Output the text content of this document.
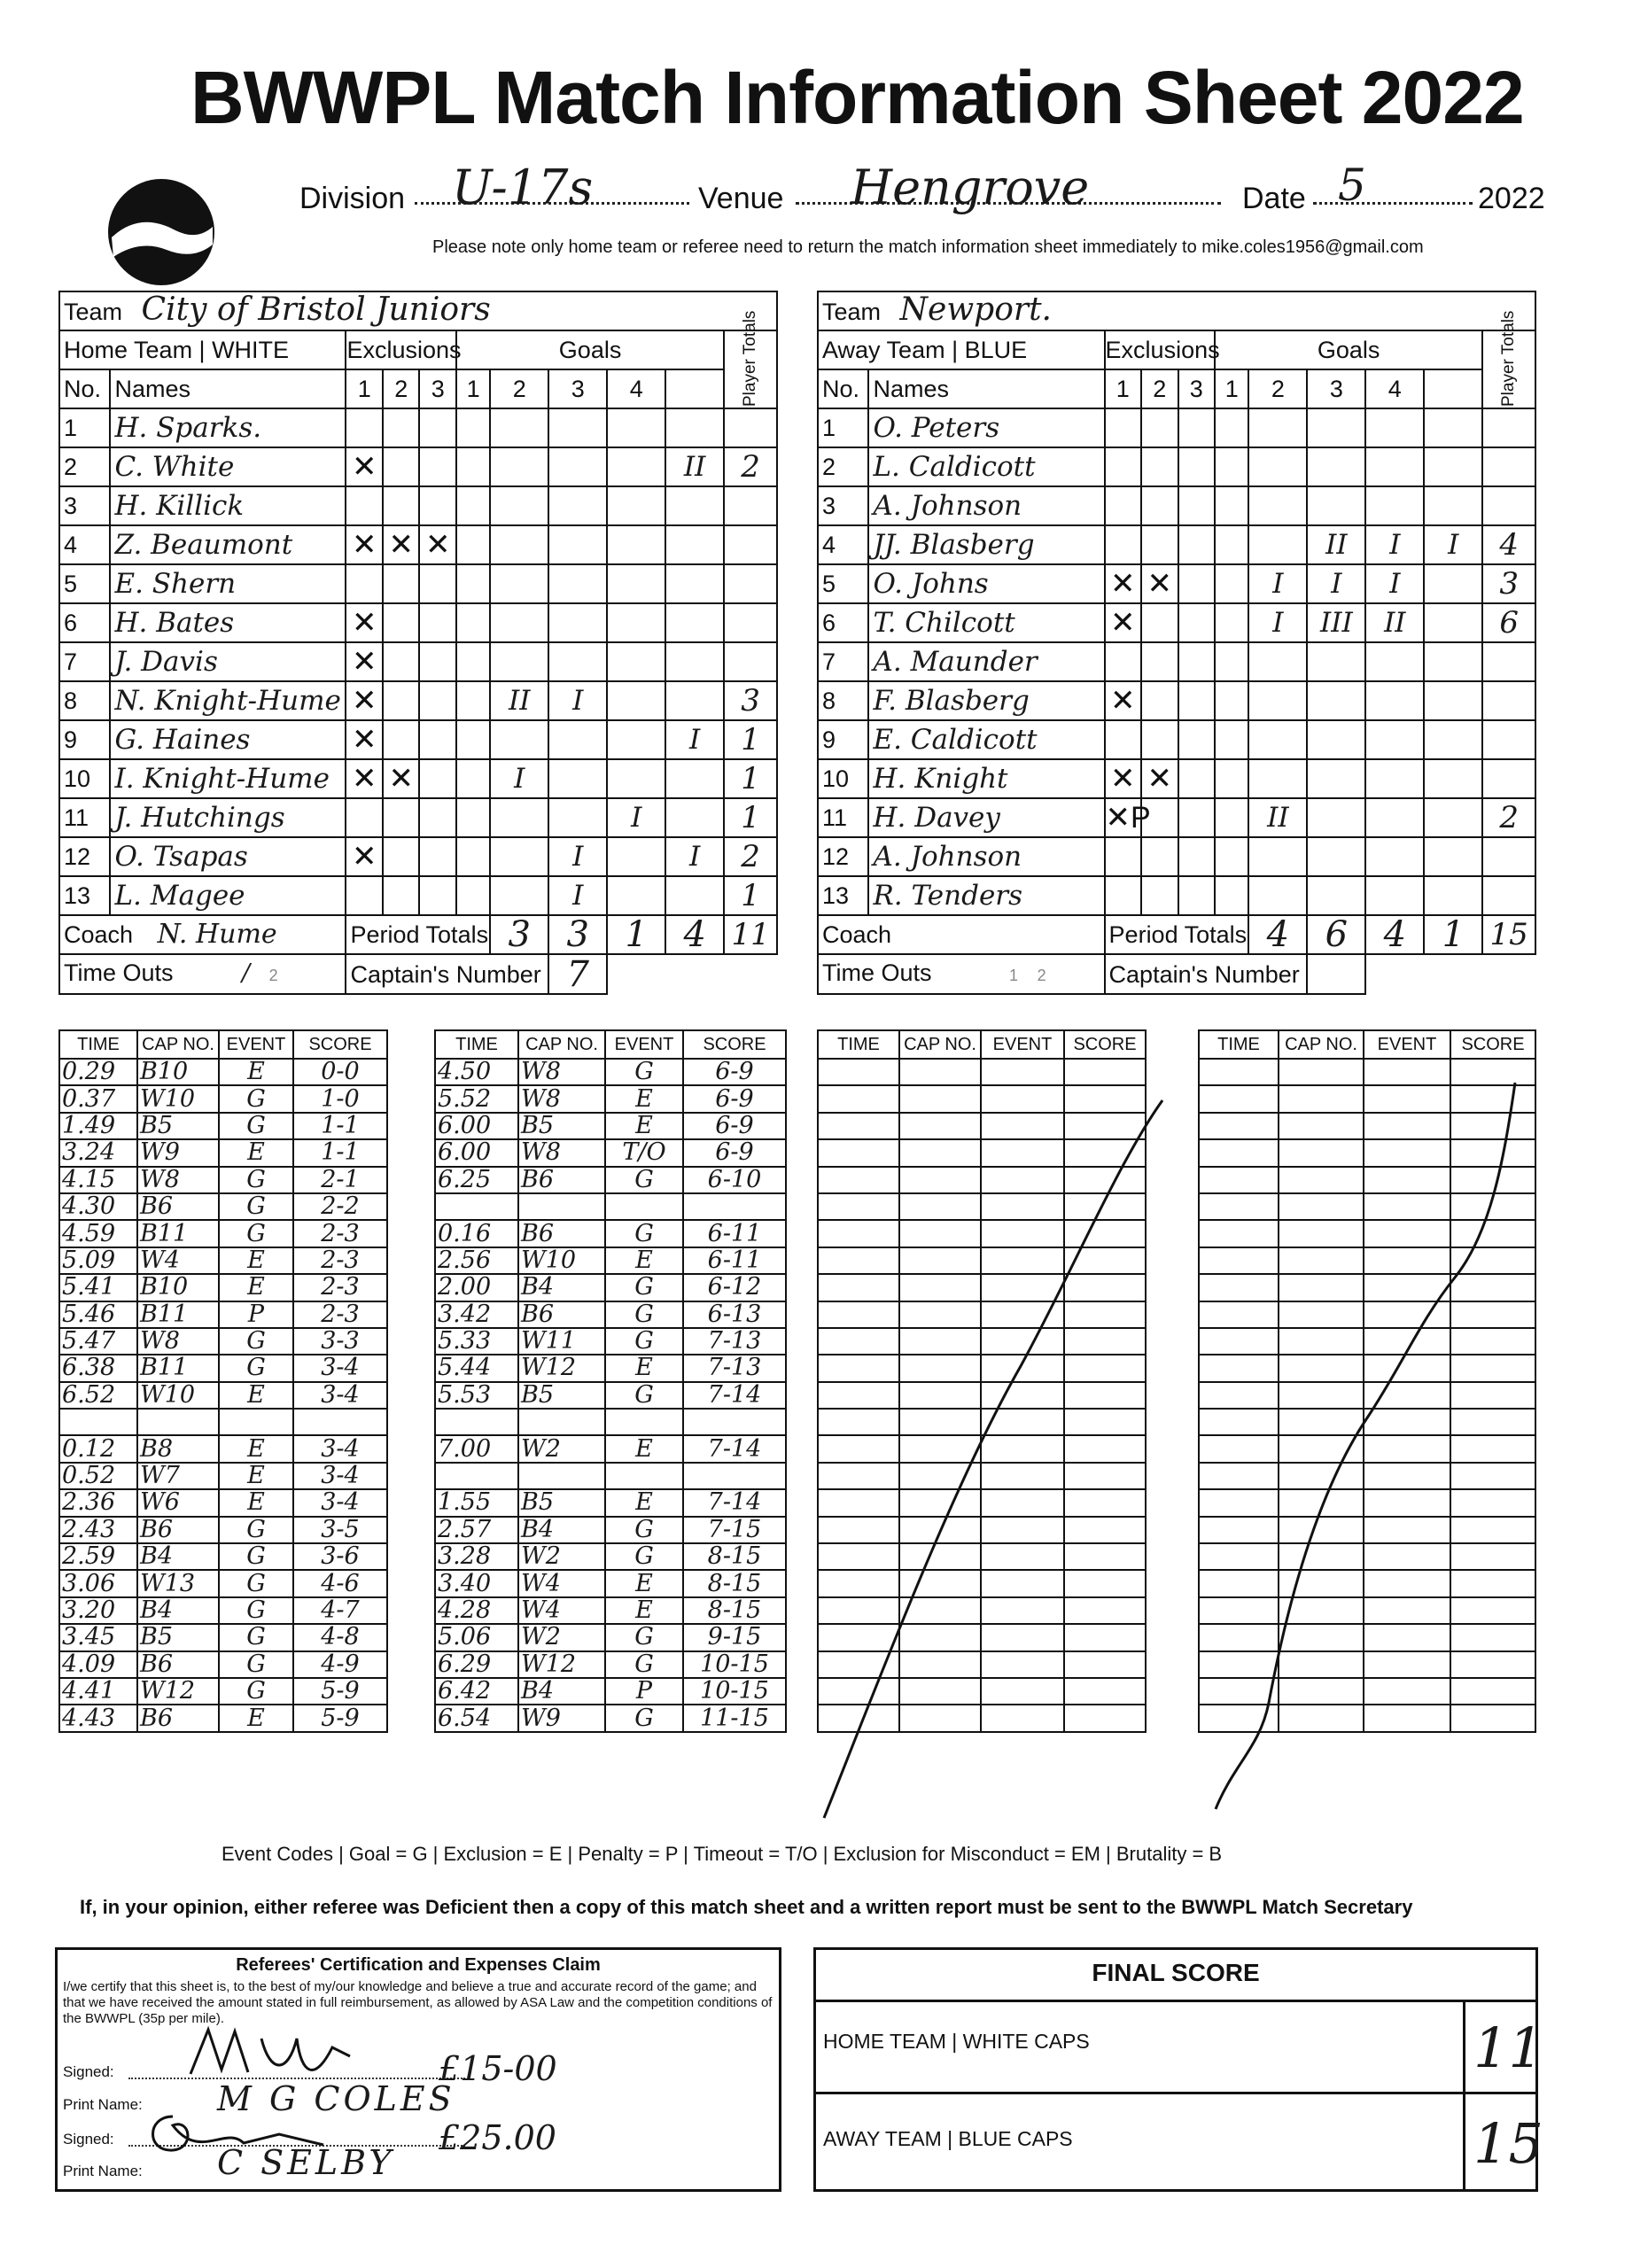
BWWPL Match Information Sheet 2022
Division U-17s	Venue Hengrove	Date 5	2022
Please note only home team or referee need to return the match information sheet immediately to mike.coles1956@gmail.com
Team City of Bristol Juniors										
Home Team | WHITE		Exclusions			Goals					Player Totals

No.	Names	1	2	3	1	2	3	4		
1	H. Sparks.									
2	C. White	✕							II	2
3	H. Killick									
4	Z. Beaumont	✕	✕	✕						
5	E. Shern									
6	H. Bates	✕								
7	J. Davis	✕								
8	N. Knight-Hume	✕				II	I			3
9	G. Haines	✕							I	1
10	I. Knight-Hume	✕	✕			I				1
11	J. Hutchings							I		1
12	O. Tsapas	✕					I		I	2
13	L. Magee						I			1
Coach N. Hume		Period Totals				3	3	1	4	11
Time Outs / 2		Captain's Number					7			
Team Newport.										
Away Team | BLUE		Exclusions			Goals					Player Totals

No.	Names	1	2	3	1	2	3	4		
1	O. Peters									
2	L. Caldicott									
3	A. Johnson									
4	JJ. Blasberg						II	I	I	4
5	O. Johns	✕	✕			I	I	I		3
6	T. Chilcott	✕				I	III	II		6
7	A. Maunder									
8	F. Blasberg	✕								
9	E. Caldicott									
10	H. Knight	✕	✕							
11	H. Davey	✕P				II				2
12	A. Johnson									
13	R. Tenders									
Coach		Period Totals				4	6	4	1	15
Time Outs 1 2		Captain's Number								
TIME	CAP NO.	EVENT	SCORE
0.29	B10	E	0-0
0.37	W10	G	1-0
1.49	B5	G	1-1
3.24	W9	E	1-1
4.15	W8	G	2-1
4.30	B6	G	2-2
4.59	B11	G	2-3
5.09	W4	E	2-3
5.41	B10	E	2-3
5.46	B11	P	2-3
5.47	W8	G	3-3
6.38	B11	G	3-4
6.52	W10	E	3-4

0.12	B8	E	3-4
0.52	W7	E	3-4
2.36	W6	E	3-4
2.43	B6	G	3-5
2.59	B4	G	3-6
3.06	W13	G	4-6
3.20	B4	G	4-7
3.45	B5	G	4-8
4.09	B6	G	4-9
4.41	W12	G	5-9
4.43	B6	E	5-9
TIME	CAP NO.	EVENT	SCORE
4.50	W8	G	6-9
5.52	W8	E	6-9
6.00	B5	E	6-9
6.00	W8	T/O	6-9
6.25	B6	G	6-10

0.16	B6	G	6-11
2.56	W10	E	6-11
2.00	B4	G	6-12
3.42	B6	G	6-13
5.33	W11	G	7-13
5.44	W12	E	7-13
5.53	B5	G	7-14

7.00	W2	E	7-14

1.55	B5	E	7-14
2.57	B4	G	7-15
3.28	W2	G	8-15
3.40	W4	E	8-15
4.28	W4	E	8-15
5.06	W2	G	9-15
6.29	W12	G	10-15
6.42	B4	P	10-15
6.54	W9	G	11-15
TIME	CAP NO.	EVENT	SCORE

				TIME	CAP NO.	EVENT	SCORE

Event Codes | Goal = G | Exclusion = E | Penalty = P | Timeout = T/O | Exclusion for Misconduct = EM | Brutality = B
If, in your opinion, either referee was Deficient then a copy of this match sheet and a written report must be sent to the BWWPL Match Secretary
Referees' Certification and Expenses Claim
I/we certify that this sheet is, to the best of my/our knowledge and believe a true and accurate record of the game; and that we have received the amount stated in full reimbursement, as allowed by ASA Law and the competition conditions of the BWWPL (35p per mile).
Signed:	£15-00
Print Name: M G COLES
Signed:	£25.00
Print Name: C SELBY
FINAL SCORE
HOME TEAM | WHITE CAPS	11
AWAY TEAM | BLUE CAPS	15
